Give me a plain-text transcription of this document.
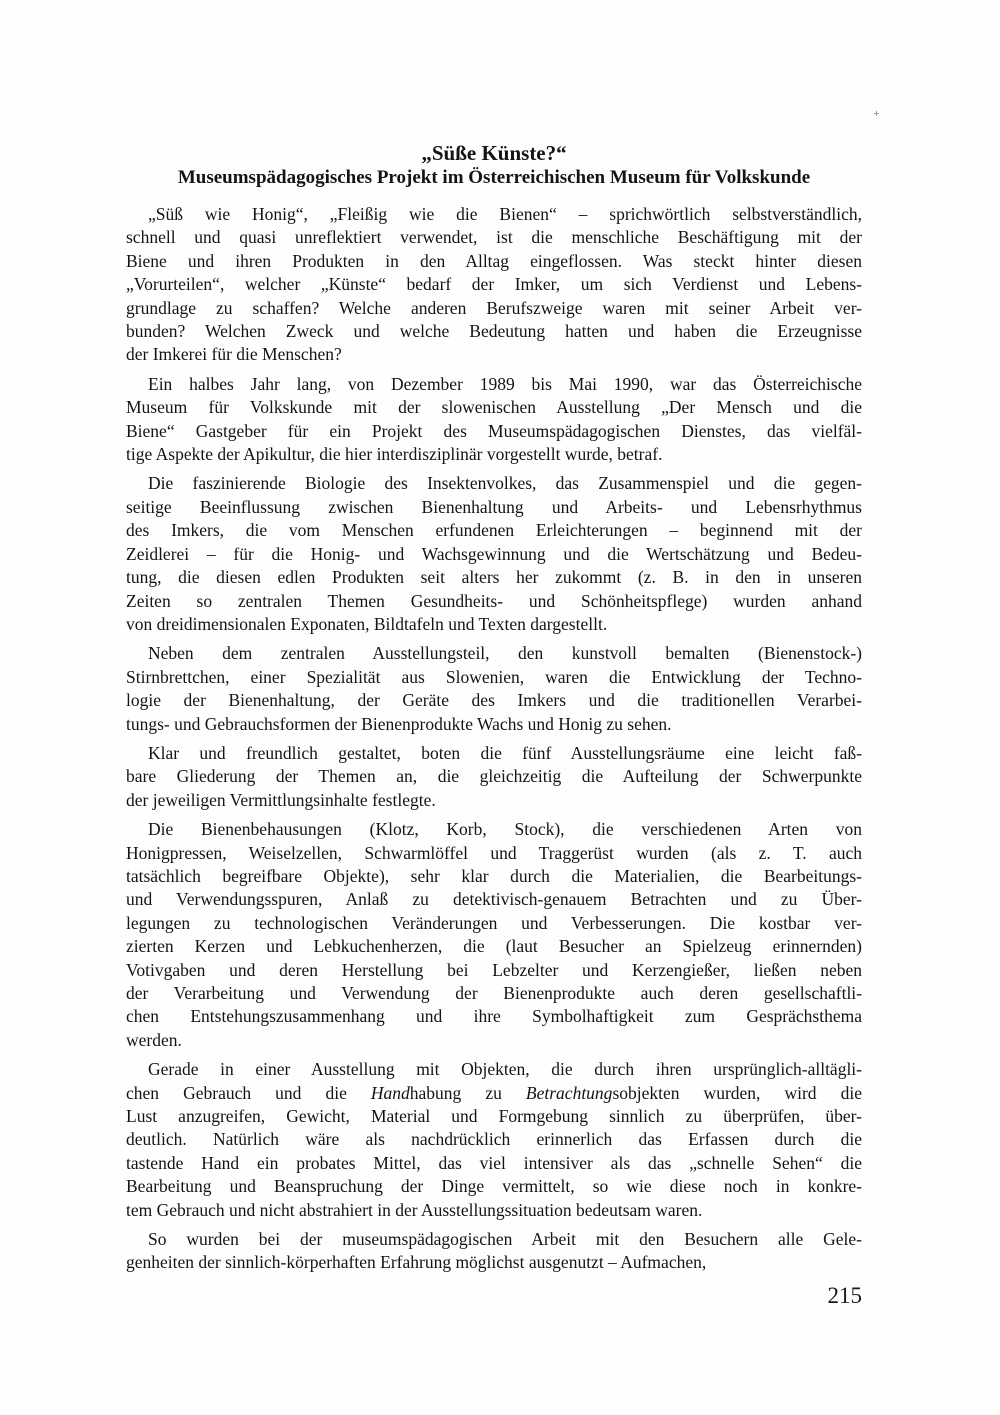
„Süße Künste?“
Museumspädagogisches Projekt im Österreichischen Museum für Volkskunde
„Süß wie Honig“, „Fleißig wie die Bienen“ – sprichwörtlich selbstverständlich,
schnell und quasi unreflektiert verwendet, ist die menschliche Beschäftigung mit der
Biene und ihren Produkten in den Alltag eingeflossen. Was steckt hinter diesen
„Vorurteilen“, welcher „Künste“ bedarf der Imker, um sich Verdienst und Lebens-
grundlage zu schaffen? Welche anderen Berufszweige waren mit seiner Arbeit ver-
bunden? Welchen Zweck und welche Bedeutung hatten und haben die Erzeugnisse
der Imkerei für die Menschen?
Ein halbes Jahr lang, von Dezember 1989 bis Mai 1990, war das Österreichische
Museum für Volkskunde mit der slowenischen Ausstellung „Der Mensch und die
Biene“ Gastgeber für ein Projekt des Museumspädagogischen Dienstes, das vielfäl-
tige Aspekte der Apikultur, die hier interdisziplinär vorgestellt wurde, betraf.
Die faszinierende Biologie des Insektenvolkes, das Zusammenspiel und die gegen-
seitige Beeinflussung zwischen Bienenhaltung und Arbeits- und Lebensrhythmus
des Imkers, die vom Menschen erfundenen Erleichterungen – beginnend mit der
Zeidlerei – für die Honig- und Wachsgewinnung und die Wertschätzung und Bedeu-
tung, die diesen edlen Produkten seit alters her zukommt (z. B. in den in unseren
Zeiten so zentralen Themen Gesundheits- und Schönheitspflege) wurden anhand
von dreidimensionalen Exponaten, Bildtafeln und Texten dargestellt.
Neben dem zentralen Ausstellungsteil, den kunstvoll bemalten (Bienenstock-)
Stirnbrettchen, einer Spezialität aus Slowenien, waren die Entwicklung der Techno-
logie der Bienenhaltung, der Geräte des Imkers und die traditionellen Verarbei-
tungs- und Gebrauchsformen der Bienenprodukte Wachs und Honig zu sehen.
Klar und freundlich gestaltet, boten die fünf Ausstellungsräume eine leicht faß-
bare Gliederung der Themen an, die gleichzeitig die Aufteilung der Schwerpunkte
der jeweiligen Vermittlungsinhalte festlegte.
Die Bienenbehausungen (Klotz, Korb, Stock), die verschiedenen Arten von
Honigpressen, Weiselzellen, Schwarmlöffel und Traggerüst wurden (als z. T. auch
tatsächlich begreifbare Objekte), sehr klar durch die Materialien, die Bearbeitungs-
und Verwendungsspuren, Anlaß zu detektivisch-genauem Betrachten und zu Über-
legungen zu technologischen Veränderungen und Verbesserungen. Die kostbar ver-
zierten Kerzen und Lebkuchenherzen, die (laut Besucher an Spielzeug erinnernden)
Votivgaben und deren Herstellung bei Lebzelter und Kerzengießer, ließen neben
der Verarbeitung und Verwendung der Bienenprodukte auch deren gesellschaftli-
chen Entstehungszusammenhang und ihre Symbolhaftigkeit zum Gesprächsthema
werden.
Gerade in einer Ausstellung mit Objekten, die durch ihren ursprünglich-alltägli-
chen Gebrauch und die Handhabung zu Betrachtungsobjekten wurden, wird die
Lust anzugreifen, Gewicht, Material und Formgebung sinnlich zu überprüfen, über-
deutlich. Natürlich wäre als nachdrücklich erinnerlich das Erfassen durch die
tastende Hand ein probates Mittel, das viel intensiver als das „schnelle Sehen“ die
Bearbeitung und Beanspruchung der Dinge vermittelt, so wie diese noch in konkre-
tem Gebrauch und nicht abstrahiert in der Ausstellungssituation bedeutsam waren.
So wurden bei der museumspädagogischen Arbeit mit den Besuchern alle Gele-
genheiten der sinnlich-körperhaften Erfahrung möglichst ausgenutzt – Aufmachen,
215
